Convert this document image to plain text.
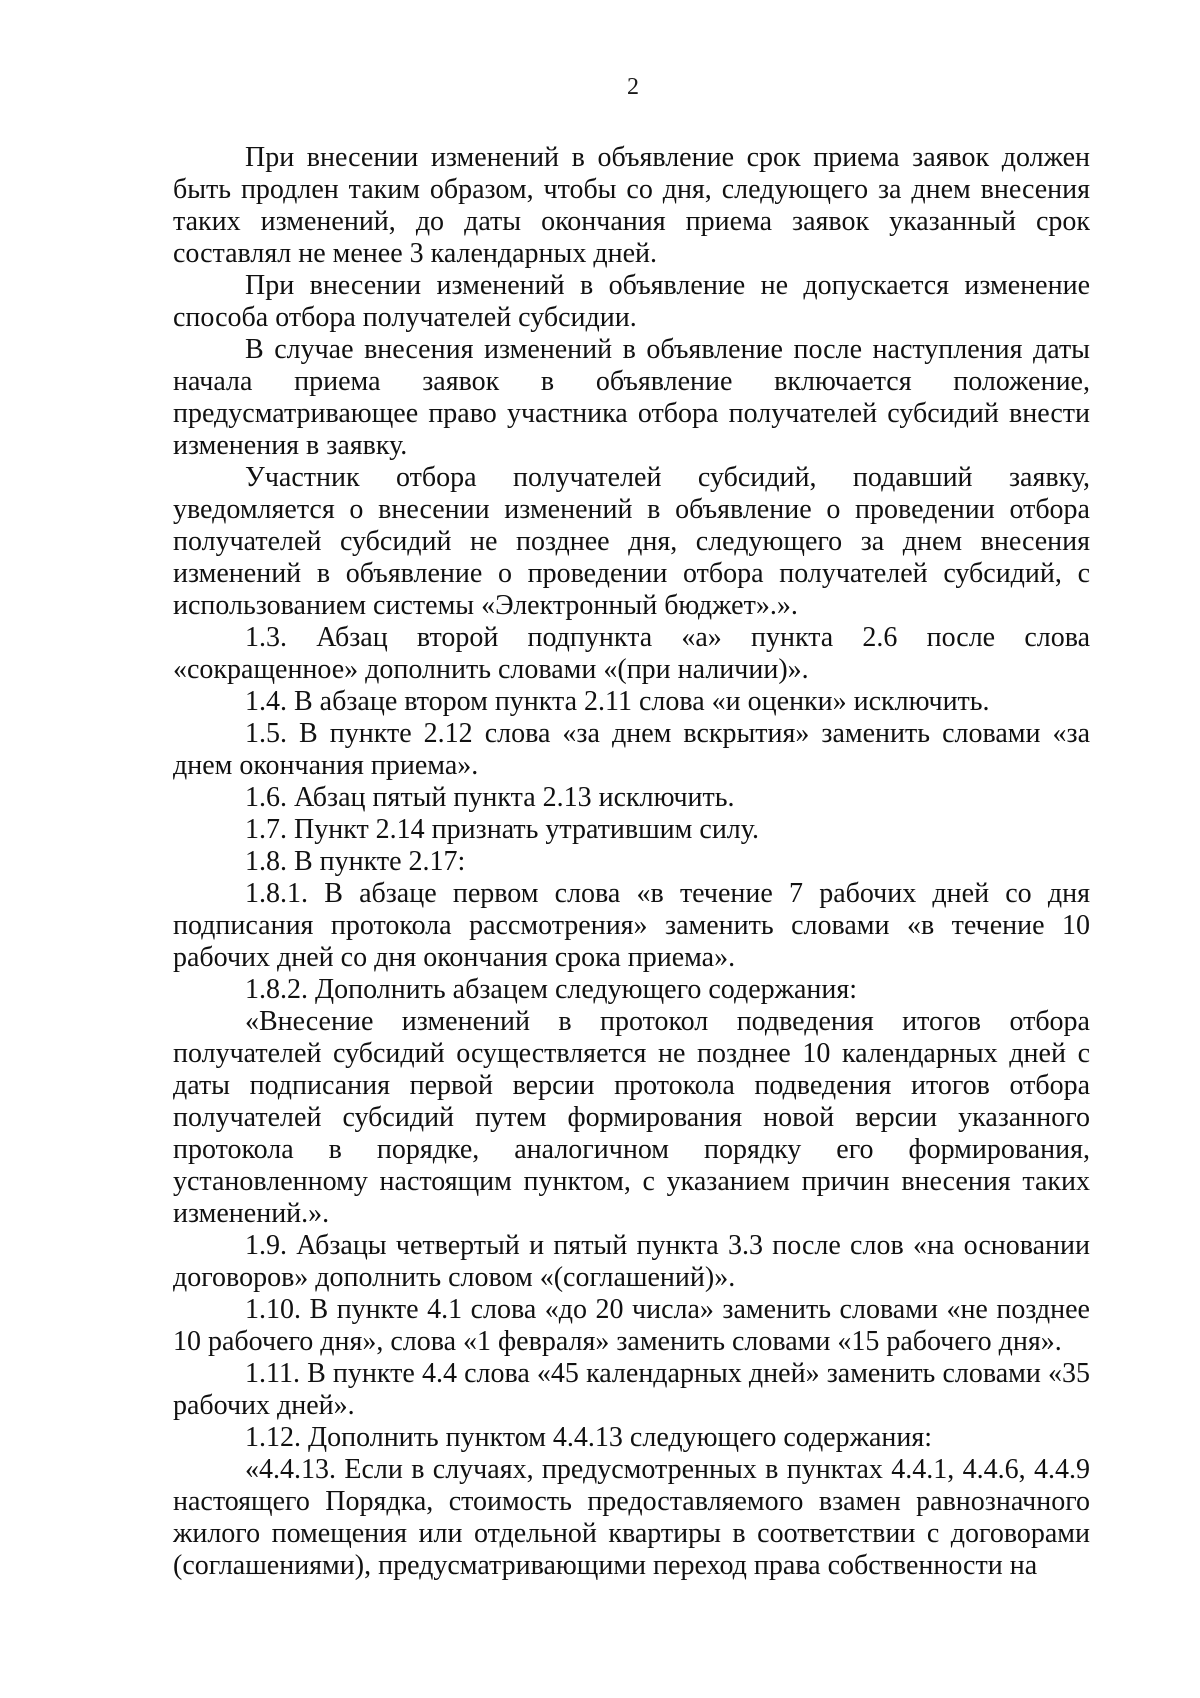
2

При внесении изменений в объявление срок приема заявок должен быть продлен таким образом, чтобы со дня, следующего за днем внесения таких изменений, до даты окончания приема заявок указанный срок составлял не менее 3 календарных дней.

При внесении изменений в объявление не допускается изменение способа отбора получателей субсидии.

В случае внесения изменений в объявление после наступления даты начала приема заявок в объявление включается положение, предусматривающее право участника отбора получателей субсидий внести изменения в заявку.

Участник отбора получателей субсидий, подавший заявку, уведомляется о внесении изменений в объявление о проведении отбора получателей субсидий не позднее дня, следующего за днем внесения изменений в объявление о проведении отбора получателей субсидий, с использованием системы «Электронный бюджет».».

1.3. Абзац второй подпункта «а» пункта 2.6 после слова «сокращенное» дополнить словами «(при наличии)».

1.4. В абзаце втором пункта 2.11 слова «и оценки» исключить.

1.5. В пункте 2.12 слова «за днем вскрытия» заменить словами «за днем окончания приема».

1.6. Абзац пятый пункта 2.13 исключить.

1.7. Пункт 2.14 признать утратившим силу.

1.8. В пункте 2.17:

1.8.1. В абзаце первом слова «в течение 7 рабочих дней со дня подписания протокола рассмотрения» заменить словами «в течение 10 рабочих дней со дня окончания срока приема».

1.8.2. Дополнить абзацем следующего содержания:

«Внесение изменений в протокол подведения итогов отбора получателей субсидий осуществляется не позднее 10 календарных дней с даты подписания первой версии протокола подведения итогов отбора получателей субсидий путем формирования новой версии указанного протокола в порядке, аналогичном порядку его формирования, установленному настоящим пунктом, с указанием причин внесения таких изменений.».

1.9. Абзацы четвертый и пятый пункта 3.3 после слов «на основании договоров» дополнить словом «(соглашений)».

1.10. В пункте 4.1 слова «до 20 числа» заменить словами «не позднее 10 рабочего дня», слова «1 февраля» заменить словами «15 рабочего дня».

1.11. В пункте 4.4 слова «45 календарных дней» заменить словами «35 рабочих дней».

1.12. Дополнить пунктом 4.4.13 следующего содержания:

«4.4.13. Если в случаях, предусмотренных в пунктах 4.4.1, 4.4.6, 4.4.9 настоящего Порядка, стоимость предоставляемого взамен равнозначного жилого помещения или отдельной квартиры в соответствии с договорами (соглашениями), предусматривающими переход права собственности на
